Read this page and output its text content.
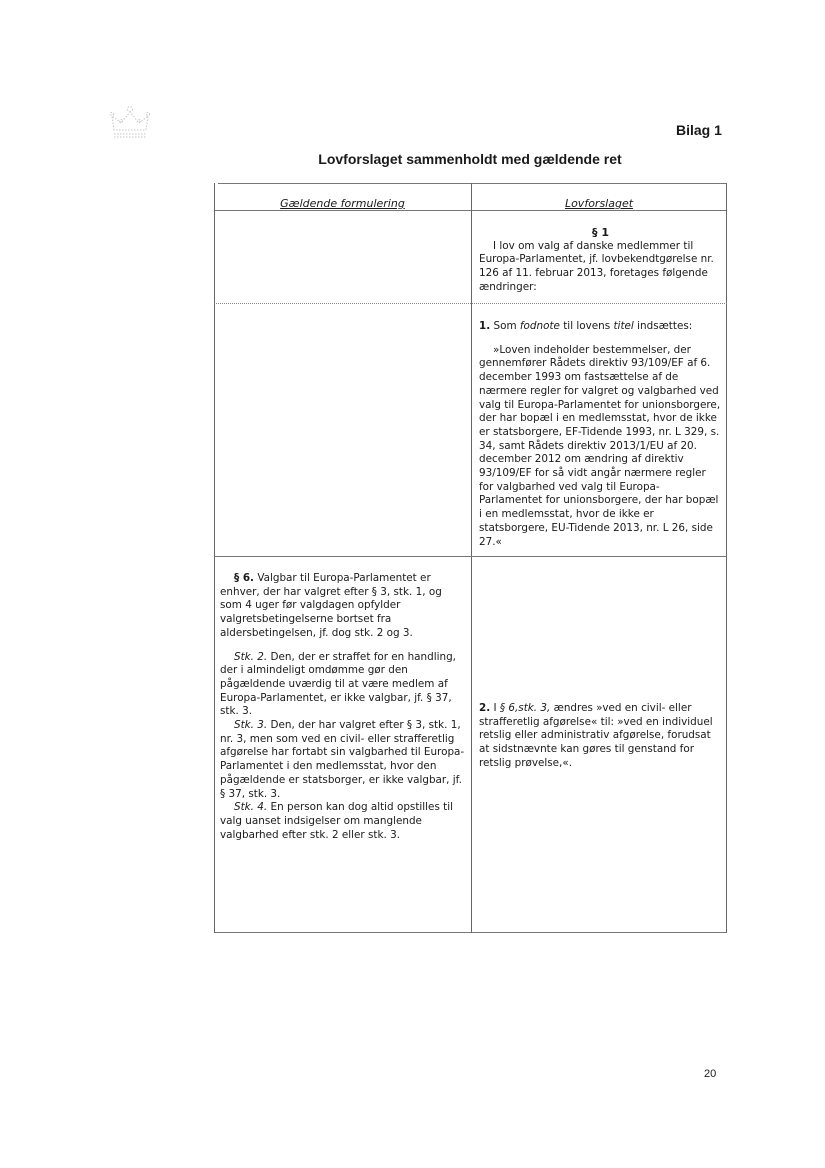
Bilag 1
Lovforslaget sammenholdt med gældende ret
Gældende formulering	Lovforslaget

§ 1

I lov om valg af danske medlemmer til Europa-Parlamentet, jf. lovbekendtgørelse nr. 126 af 11. februar 2013, foretages følgende ændringer:

1. Som fodnote til lovens titel indsættes:

»Loven indeholder bestemmelser, der gennemfører Rådets direktiv 93/109/EF af 6. december 1993 om fastsættelse af de nærmere regler for valgret og valgbarhed ved valg til Europa-Parlamentet for unionsborgere, der har bopæl i en medlemsstat, hvor de ikke er statsborgere, EF-Tidende 1993, nr. L 329, s. 34, samt Rådets direktiv 2013/1/EU af 20. december 2012 om ændring af direktiv 93/109/EF for så vidt angår nærmere regler for valgbarhed ved valg til Europa-Parlamentet for unionsborgere, der har bopæl i en medlemsstat, hvor de ikke er statsborgere, EU-Tidende 2013, nr. L 26, side 27.«

§ 6. Valgbar til Europa-Parlamentet er enhver, der har valgret efter § 3, stk. 1, og som 4 uger før valgdagen opfylder valgretsbetingelserne bortset fra aldersbetingelsen, jf. dog stk. 2 og 3.

Stk. 2. Den, der er straffet for en handling, der i almindeligt omdømme gør den pågældende uværdig til at være medlem af Europa-Parlamentet, er ikke valgbar, jf. § 37, stk. 3.

Stk. 3. Den, der har valgret efter § 3, stk. 1, nr. 3, men som ved en civil- eller strafferetlig afgørelse har fortabt sin valgbarhed til Europa-Parlamentet i den medlemsstat, hvor den pågældende er statsborger, er ikke valgbar, jf. § 37, stk. 3.

Stk. 4. En person kan dog altid opstilles til valg uanset indsigelser om manglende valgbarhed efter stk. 2 eller stk. 3.

2. I § 6,stk. 3, ændres »ved en civil- eller strafferetlig afgørelse« til: »ved en individuel retslig eller administrativ afgørelse, forudsat at sidstnævnte kan gøres til genstand for retslig prøvelse,«.

20
